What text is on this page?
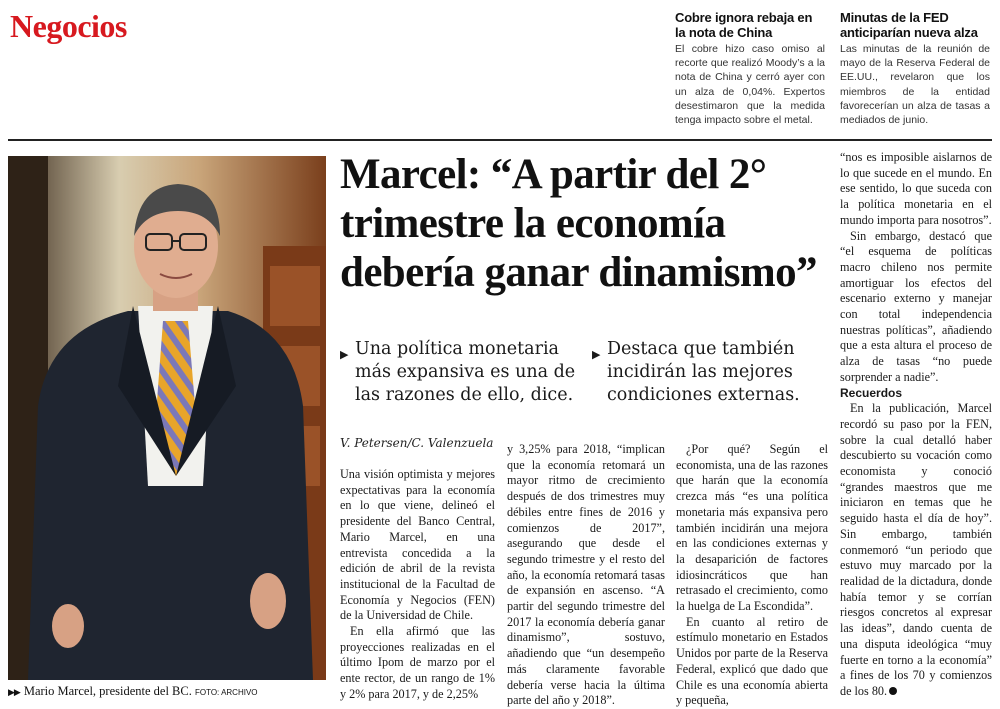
Negocios	Cobre ignora rebaja en la nota de China

El cobre hizo caso omiso al recorte que realizó Moody’s a la nota de China y cerró ayer con un alza de 0,04%. Expertos desestimaron que la medida tenga impacto sobre el metal.

Minutas de la FED anticiparían nueva alza

Las minutas de la reunión de mayo de la Reserva Federal de EE.UU., revelaron que los miembros de la entidad favorecerían un alza de tasas a mediados de junio.

▶▶ Mario Marcel, presidente del BC. FOTO: ARCHIVO
Marcel: “A partir del 2° trimestre la economía debería ganar dinamismo”
▶ Una política monetaria más expansiva es una de las razones de ello, dice.
▶ Destaca que también incidirán las mejores condiciones externas.
V. Petersen/C. Valenzuela

Una visión optimista y mejores expectativas para la economía en lo que viene, delineó el presidente del Banco Central, Mario Marcel, en una entrevista concedida a la edición de abril de la revista institucional de la Facultad de Economía y Negocios (FEN) de la Universidad de Chile.

En ella afirmó que las proyecciones realizadas en el último Ipom de marzo por el ente rector, de un rango de 1% y 2% para 2017, y de 2,25%

y 3,25% para 2018, “implican que la economía retomará un mayor ritmo de crecimiento después de dos trimestres muy débiles entre fines de 2016 y comienzos de 2017”, asegurando que desde el segundo trimestre y el resto del año, la economía retomará tasas de expansión en ascenso. “A partir del segundo trimestre del 2017 la economía debería ganar dinamismo”, sostuvo, añadiendo que “un desempeño más claramente favorable debería verse hacia la última parte del año y 2018”.

¿Por qué? Según el economista, una de las razones que harán que la economía crezca más “es una política monetaria más expansiva pero también incidirán una mejora en las condiciones externas y la desaparición de factores idiosincráticos que han retrasado el crecimiento, como la huelga de La Escondida”.

En cuanto al retiro de estímulo monetario en Estados Unidos por parte de la Reserva Federal, explicó que dado que Chile es una economía abierta y pequeña,

“nos es imposible aislarnos de lo que sucede en el mundo. En ese sentido, lo que suceda con la política monetaria en el mundo importa para nosotros”.

Sin embargo, destacó que “el esquema de políticas macro chileno nos permite amortiguar los efectos del escenario externo y manejar con total independencia nuestras políticas”, añadiendo que a esta altura el proceso de alza de tasas “no puede sorprender a nadie”.

Recuerdos

En la publicación, Marcel recordó su paso por la FEN, sobre la cual detalló haber descubierto su vocación como economista y conoció “grandes maestros que me iniciaron en temas que he seguido hasta el día de hoy”. Sin embargo, también conmemoró “un periodo que estuvo muy marcado por la realidad de la dictadura, donde había temor y se corrían riesgos concretos al expresar las ideas”, dando cuenta de una disputa ideológica “muy fuerte en torno a la economía” a fines de los 70 y comienzos de los 80.
